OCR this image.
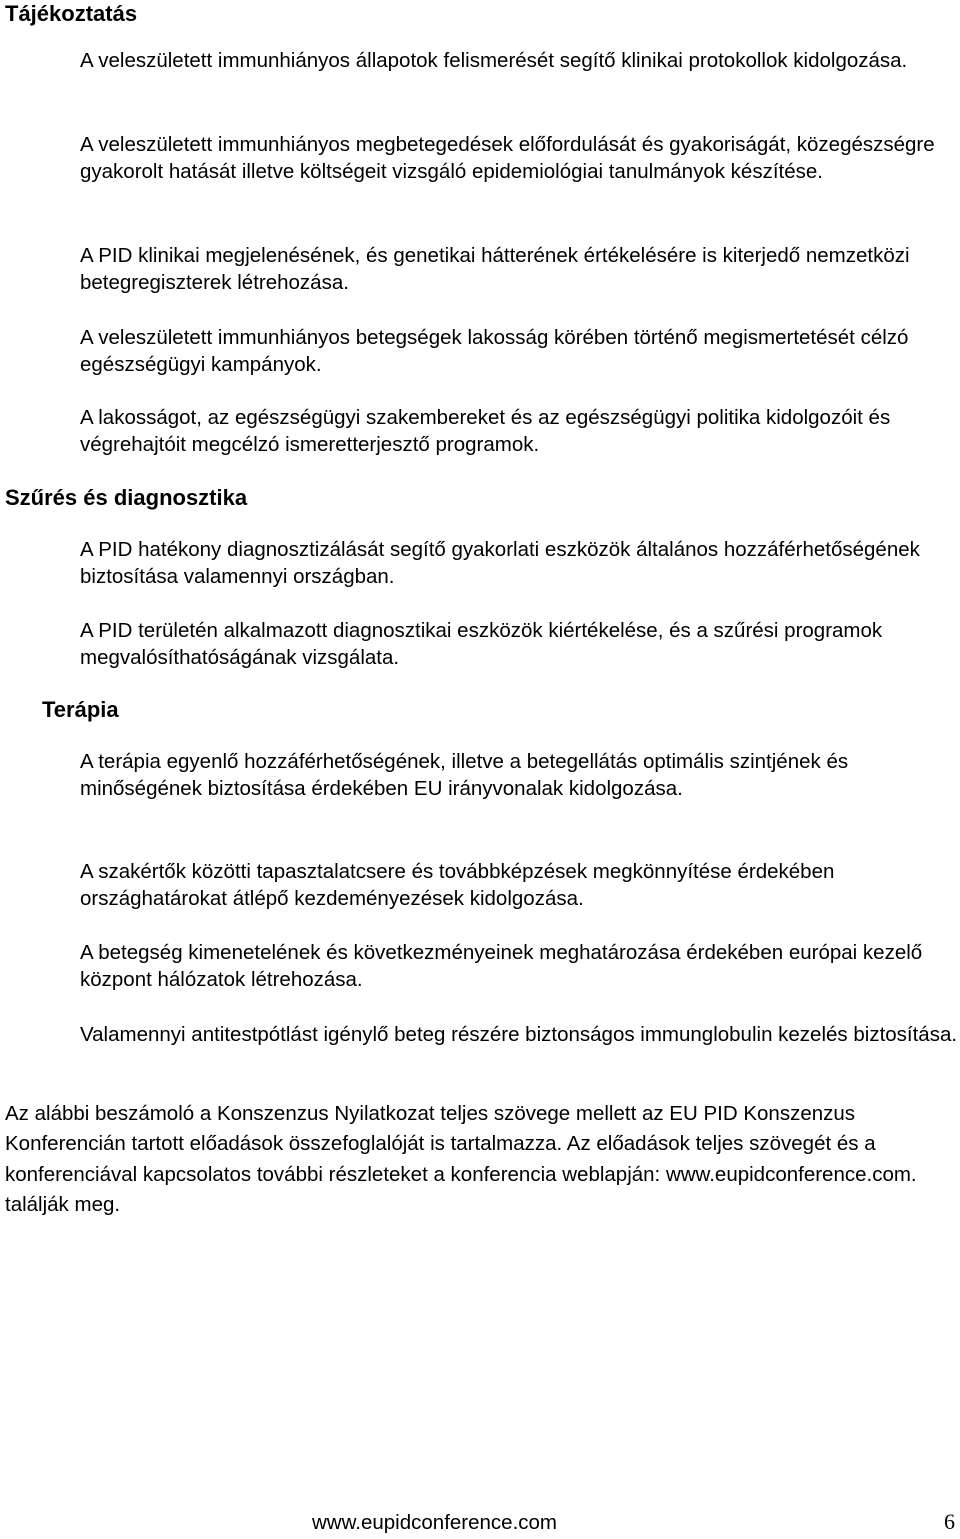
Tájékoztatás

A veleszületett immunhiányos állapotok felismerését segítő klinikai protokollok kidolgozása.

A veleszületett immunhiányos megbetegedések előfordulását és gyakoriságát, közegészségre gyakorolt hatását illetve költségeit vizsgáló epidemiológiai tanulmányok készítése.

A PID klinikai megjelenésének, és genetikai hátterének értékelésére is kiterjedő nemzetközi betegregiszterek létrehozása.

A veleszületett immunhiányos betegségek lakosság körében történő megismertetését célzó egészségügyi kampányok.

A lakosságot, az egészségügyi szakembereket és az egészségügyi politika kidolgozóit és végrehajtóit megcélzó ismeretterjesztő programok.

Szűrés és diagnosztika

A PID hatékony diagnosztizálását segítő gyakorlati eszközök általános hozzáférhetőségének biztosítása valamennyi országban.

A PID területén alkalmazott diagnosztikai eszközök kiértékelése, és a szűrési programok megvalósíthatóságának vizsgálata.

Terápia

A terápia egyenlő hozzáférhetőségének, illetve a betegellátás optimális szintjének és minőségének biztosítása érdekében EU irányvonalak kidolgozása.

A szakértők közötti tapasztalatcsere és továbbképzések megkönnyítése érdekében országhatárokat átlépő kezdeményezések kidolgozása.

A betegség kimenetelének és következményeinek meghatározása érdekében európai kezelő központ hálózatok létrehozása.

Valamennyi antitestpótlást igénylő beteg részére biztonságos immunglobulin kezelés biztosítása.

Az alábbi beszámoló a Konszenzus Nyilatkozat teljes szövege mellett az EU PID Konszenzus Konferencián tartott előadások összefoglalóját is tartalmazza. Az előadások teljes szövegét és a konferenciával kapcsolatos további részleteket a konferencia weblapján: www.eupidconference.com. találják meg.

www.eupidconference.com	6
